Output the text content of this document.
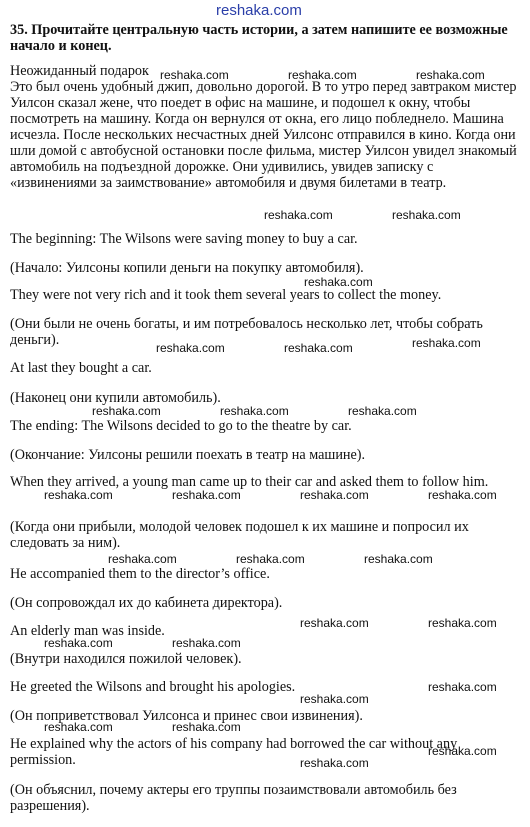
reshaka.com

35. Прочитайте центральную часть истории, а затем напишите ее возможные начало и конец.

Неожиданный подарок

Это был очень удобный джип, довольно дорогой. В то утро перед завтраком мистер Уилсон сказал жене, что поедет в офис на машине, и подошел к окну, чтобы посмотреть на машину. Когда он вернулся от окна, его лицо побледнело. Машина исчезла. После нескольких несчастных дней Уилсонс отправился в кино. Когда они шли домой с автобусной остановки после фильма, мистер Уилсон увидел знакомый автомобиль на подъездной дорожке. Они удивились, увидев записку с «извинениями за заимствование» автомобиля и двумя билетами в театр.

The beginning: The Wilsons were saving money to buy a car.

(Начало: Уилсоны копили деньги на покупку автомобиля).

They were not very rich and it took them several years to collect the money.

(Они были не очень богаты, и им потребовалось несколько лет, чтобы собрать деньги).

At last they bought a car.

(Наконец они купили автомобиль).

The ending: The Wilsons decided to go to the theatre by car.

(Окончание: Уилсоны решили поехать в театр на машине).

When they arrived, a young man came up to their car and asked them to follow him.

(Когда они прибыли, молодой человек подошел к их машине и попросил их следовать за ним).

He accompanied them to the director’s office.

(Он сопровождал их до кабинета директора).

An elderly man was inside.

(Внутри находился пожилой человек).

He greeted the Wilsons and brought his apologies.

(Он поприветствовал Уилсонса и принес свои извинения).

He explained why the actors of his company had borrowed the car without any permission.

(Он объяснил, почему актеры его труппы позаимствовали автомобиль без разрешения).

reshaka.com	reshaka.com	reshaka.com
reshaka.com	reshaka.com
reshaka.com
reshaka.com	reshaka.com	reshaka.com
reshaka.com	reshaka.com	reshaka.com
reshaka.com	reshaka.com	reshaka.com	reshaka.com
reshaka.com	reshaka.com	reshaka.com
reshaka.com	reshaka.com
reshaka.com	reshaka.com
reshaka.com
reshaka.com
reshaka.com	reshaka.com
reshaka.com
reshaka.com
